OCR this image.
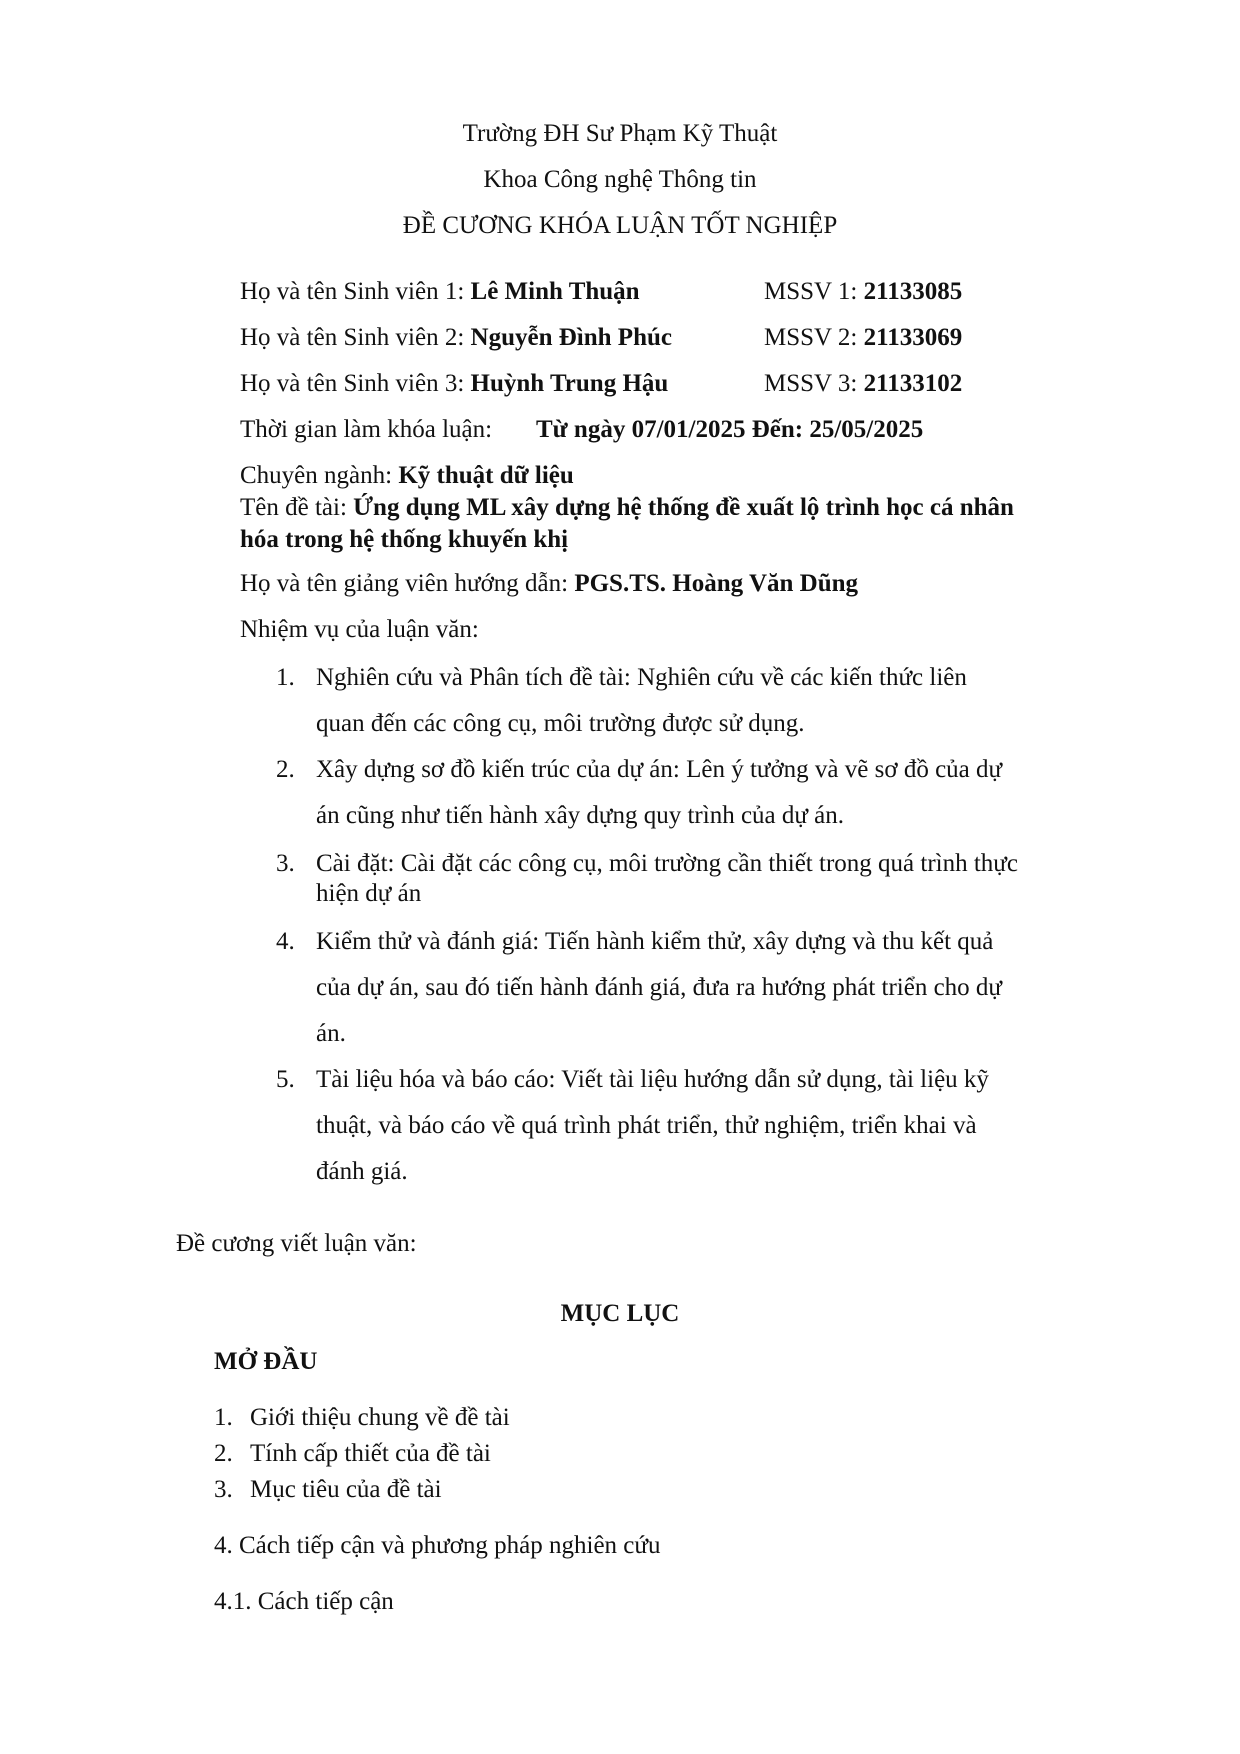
Trường ĐH Sư Phạm Kỹ Thuật
Khoa Công nghệ Thông tin
ĐỀ CƯƠNG KHÓA LUẬN TỐT NGHIỆP
Họ và tên Sinh viên 1: Lê Minh Thuận	MSSV 1: 21133085
Họ và tên Sinh viên 2: Nguyễn Đình Phúc	MSSV 2: 21133069
Họ và tên Sinh viên 3: Huỳnh Trung Hậu	MSSV 3: 21133102
Thời gian làm khóa luận: Từ ngày 07/01/2025 Đến: 25/05/2025
Chuyên ngành: Kỹ thuật dữ liệu
Tên đề tài: Ứng dụng ML xây dựng hệ thống đề xuất lộ trình học cá nhân
hóa trong hệ thống khuyến khị
Họ và tên giảng viên hướng dẫn: PGS.TS. Hoàng Văn Dũng
Nhiệm vụ của luận văn:
1. Nghiên cứu và Phân tích đề tài: Nghiên cứu về các kiến thức liên
quan đến các công cụ, môi trường được sử dụng.
2. Xây dựng sơ đồ kiến trúc của dự án: Lên ý tưởng và vẽ sơ đồ của dự
án cũng như tiến hành xây dựng quy trình của dự án.
3. Cài đặt: Cài đặt các công cụ, môi trường cần thiết trong quá trình thực
hiện dự án
4. Kiểm thử và đánh giá: Tiến hành kiểm thử, xây dựng và thu kết quả
của dự án, sau đó tiến hành đánh giá, đưa ra hướng phát triển cho dự
án.
5. Tài liệu hóa và báo cáo: Viết tài liệu hướng dẫn sử dụng, tài liệu kỹ
thuật, và báo cáo về quá trình phát triển, thử nghiệm, triển khai và
đánh giá.
Đề cương viết luận văn:
MỤC LỤC
MỞ ĐẦU
1. Giới thiệu chung về đề tài
2. Tính cấp thiết của đề tài
3. Mục tiêu của đề tài
4. Cách tiếp cận và phương pháp nghiên cứu
4.1. Cách tiếp cận
